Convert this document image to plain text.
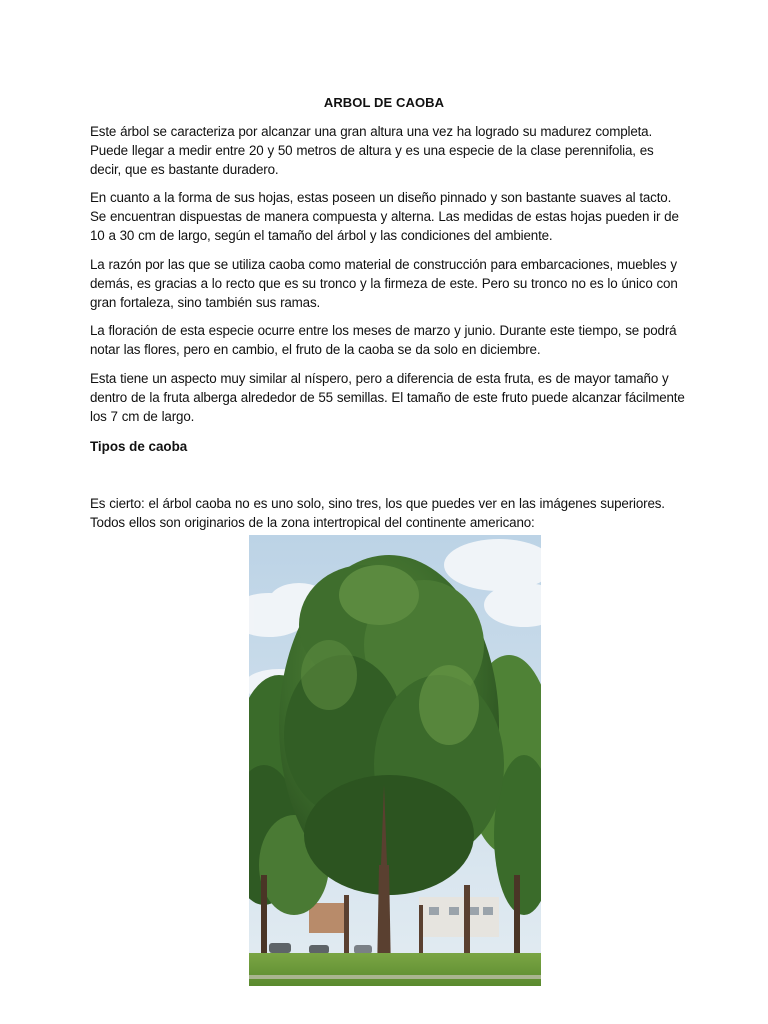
ARBOL DE CAOBA

Este árbol se caracteriza por alcanzar una gran altura una vez ha logrado su madurez completa. Puede llegar a medir entre 20 y 50 metros de altura y es una especie de la clase perennifolia, es decir, que es bastante duradero.

En cuanto a la forma de sus hojas, estas poseen un diseño pinnado y son bastante suaves al tacto. Se encuentran dispuestas de manera compuesta y alterna. Las medidas de estas hojas pueden ir de 10 a 30 cm de largo, según el tamaño del árbol y las condiciones del ambiente.

La razón por las que se utiliza caoba como material de construcción para embarcaciones, muebles y demás, es gracias a lo recto que es su tronco y la firmeza de este. Pero su tronco no es lo único con gran fortaleza, sino también sus ramas.

La floración de esta especie ocurre entre los meses de marzo y junio. Durante este tiempo, se podrá notar las flores, pero en cambio, el fruto de la caoba se da solo en diciembre.

Esta tiene un aspecto muy similar al níspero, pero a diferencia de esta fruta, es de mayor tamaño y dentro de la fruta alberga alrededor de 55 semillas. El tamaño de este fruto puede alcanzar fácilmente los 7 cm de largo.

Tipos de caoba

Es cierto: el árbol caoba no es uno solo, sino tres, los que puedes ver en las imágenes superiores. Todos ellos son originarios de la zona intertropical del continente americano:
